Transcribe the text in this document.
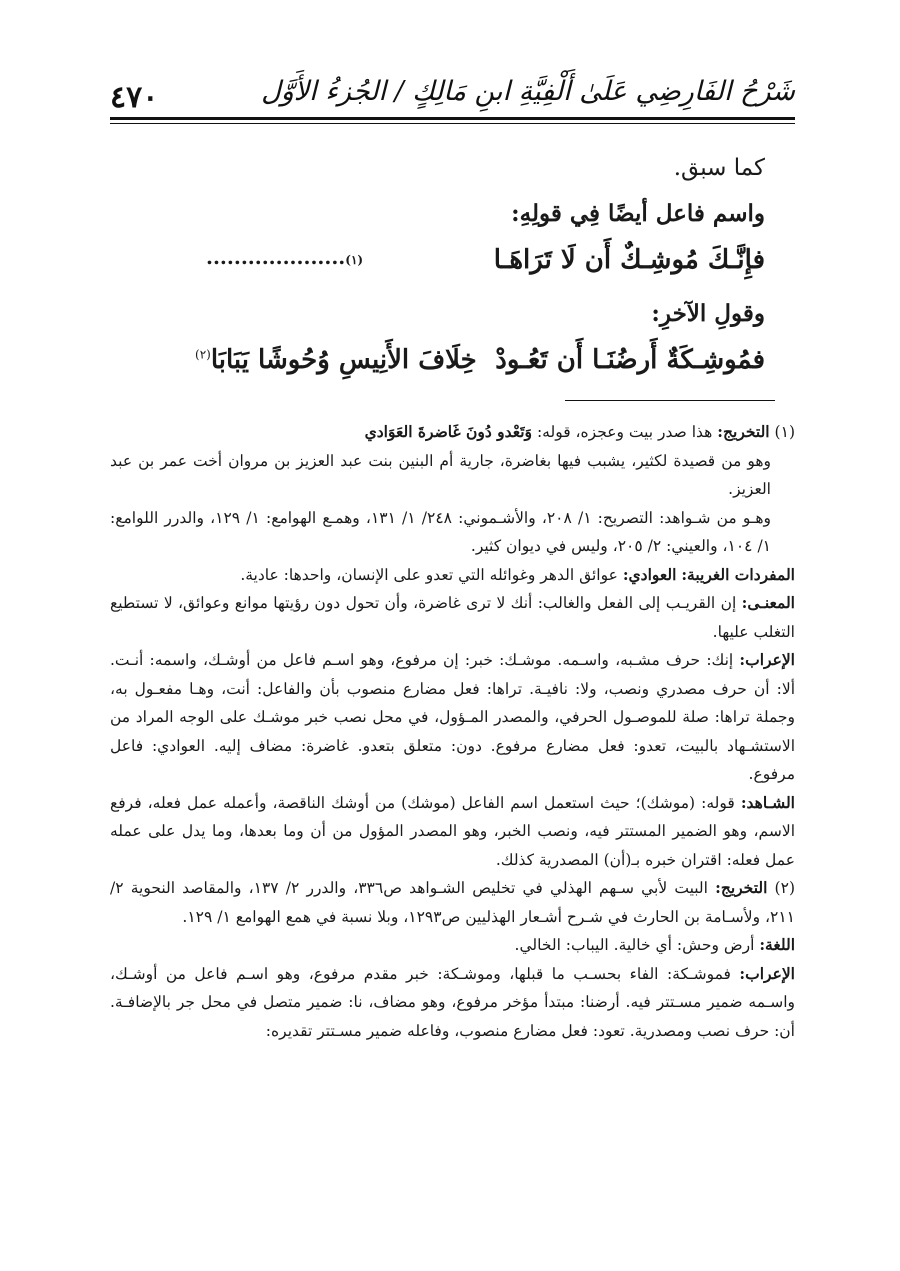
٤٧٠	شَرْحُ الفَارِضِي عَلَىٰ أَلْفِيَّةِ ابنِ مَالِكٍ / الجُزءُ الأَوَّل
كما سبق.
واسم فاعل أيضًا فِي قولِهِ:
فإِنَّـكَ مُوشِـكٌ أَن لَا تَرَاهَـا
(١)....................
وقولِ الآخرِ:
فمُوشِـكَةٌ أَرضُنَـا أَن تَعُـودْ
خِلَافَ الأَنِيسِ وُحُوشًا يَبَابَا$^{(٢)}$

(١) التخريج: هذا صدر بيت وعجزه، قوله: وَتَعْدو دُونَ غَاضرةَ العَوَادي

وهو من قصيدة لكثير، يشبب فيها بغاضرة، جارية أم البنين بنت عبد العزيز بن مروان أخت عمر بن عبد العزيز.

وهـو من شـواهد: التصريح: ١/ ٢٠٨، والأشـموني: ٢٤٨/ ١/ ١٣١، وهمـع الهوامع: ١/ ١٢٩، والدرر اللوامع: ١/ ١٠٤، والعيني: ٢/ ٢٠٥، وليس في ديوان كثير.

المفردات الغريبة: العوادي: عوائق الدهر وغوائله التي تعدو على الإنسان، واحدها: عادية.

المعنـى: إن القريـب إلى الفعل والغالب: أنك لا ترى غاضرة، وأن تحول دون رؤيتها موانع وعوائق، لا تستطيع التغلب عليها.

الإعراب: إنك: حرف مشـبه، واسـمه. موشـك: خبر: إن مرفوع، وهو اسـم فاعل من أوشـك، واسمه: أنـت. ألا: أن حرف مصدري ونصب، ولا: نافيـة. تراها: فعل مضارع منصوب بأن والفاعل: أنت، وهـا مفعـول به، وجملة تراها: صلة للموصـول الحرفي، والمصدر المـؤول، في محل نصب خبر موشـك على الوجه المراد من الاستشـهاد بالبيت، تعدو: فعل مضارع مرفوع. دون: متعلق بتعدو. غاضرة: مضاف إليه. العوادي: فاعل مرفوع.

الشـاهد: قوله: (موشك)؛ حيث استعمل اسم الفاعل (موشك) من أوشك الناقصة، وأعمله عمل فعله، فرفع الاسم، وهو الضمير المستتر فيه، ونصب الخبر، وهو المصدر المؤول من أن وما بعدها، وما يدل على عمله عمل فعله: اقتران خبره بـ(أن) المصدرية كذلك.

(٢) التخريج: البيت لأبي سـهم الهذلي في تخليص الشـواهد ص٣٣٦، والدرر ٢/ ١٣٧، والمقاصد النحوية ٢/ ٢١١، ولأسـامة بن الحارث في شـرح أشـعار الهذليين ص١٢٩٣، وبلا نسبة في همع الهوامع ١/ ١٢٩.

اللغة: أرض وحش: أي خالية. اليباب: الخالي.

الإعراب: فموشـكة: الفاء بحسـب ما قبلها، وموشـكة: خبر مقدم مرفوع، وهو اسـم فاعل من أوشـك، واسـمه ضمير مسـتتر فيه. أرضنا: مبتدأ مؤخر مرفوع، وهو مضاف، نا: ضمير متصل في محل جر بالإضافـة. أن: حرف نصب ومصدرية. تعود: فعل مضارع منصوب، وفاعله ضمير مسـتتر تقديره:
